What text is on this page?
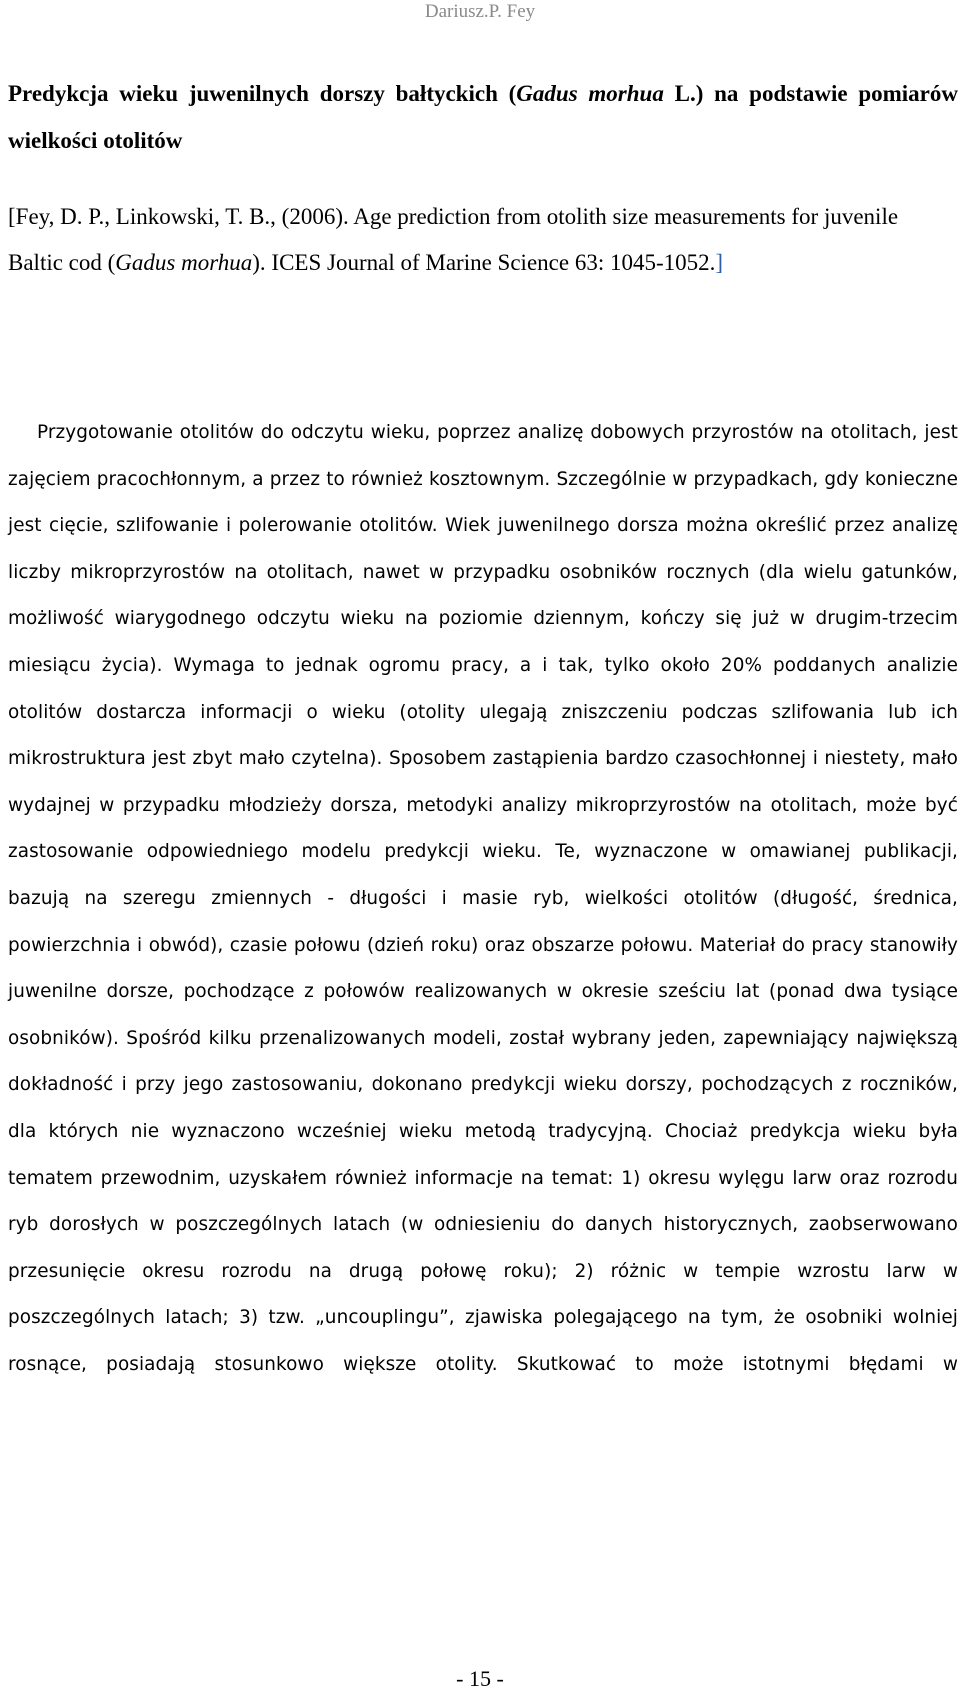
Dariusz.P. Fey
Predykcja wieku juwenilnych dorszy bałtyckich (Gadus morhua L.) na podstawie pomiarów wielkości otolitów
[Fey, D. P., Linkowski, T. B., (2006). Age prediction from otolith size measurements for juvenile Baltic cod (Gadus morhua). ICES Journal of Marine Science 63: 1045-1052.]
Przygotowanie otolitów do odczytu wieku, poprzez analizę dobowych przyrostów na otolitach, jest zajęciem pracochłonnym, a przez to również kosztownym. Szczególnie w przypadkach, gdy konieczne jest cięcie, szlifowanie i polerowanie otolitów. Wiek juwenilnego dorsza można określić przez analizę liczby mikroprzyrostów na otolitach, nawet w przypadku osobników rocznych (dla wielu gatunków, możliwość wiarygodnego odczytu wieku na poziomie dziennym, kończy się już w drugim-trzecim miesiącu życia). Wymaga to jednak ogromu pracy, a i tak, tylko około 20% poddanych analizie otolitów dostarcza informacji o wieku (otolity ulegają zniszczeniu podczas szlifowania lub ich mikrostruktura jest zbyt mało czytelna). Sposobem zastąpienia bardzo czasochłonnej i niestety, mało wydajnej w przypadku młodzieży dorsza, metodyki analizy mikroprzyrostów na otolitach, może być zastosowanie odpowiedniego modelu predykcji wieku. Te, wyznaczone w omawianej publikacji, bazują na szeregu zmiennych - długości i masie ryb, wielkości otolitów (długość, średnica, powierzchnia i obwód), czasie połowu (dzień roku) oraz obszarze połowu. Materiał do pracy stanowiły juwenilne dorsze, pochodzące z połowów realizowanych w okresie sześciu lat (ponad dwa tysiące osobników). Spośród kilku przenalizowanych modeli, został wybrany jeden, zapewniający największą dokładność i przy jego zastosowaniu, dokonano predykcji wieku dorszy, pochodzących z roczników, dla których nie wyznaczono wcześniej wieku metodą tradycyjną. Chociaż predykcja wieku była tematem przewodnim, uzyskałem również informacje na temat: 1) okresu wylęgu larw oraz rozrodu ryb dorosłych w poszczególnych latach (w odniesieniu do danych historycznych, zaobserwowano przesunięcie okresu rozrodu na drugą połowę roku); 2) różnic w tempie wzrostu larw w poszczególnych latach; 3) tzw. „uncouplingu”, zjawiska polegającego na tym, że osobniki wolniej rosnące, posiadają stosunkowo większe otolity. Skutkować to może istotnymi błędami w
- 15 -
